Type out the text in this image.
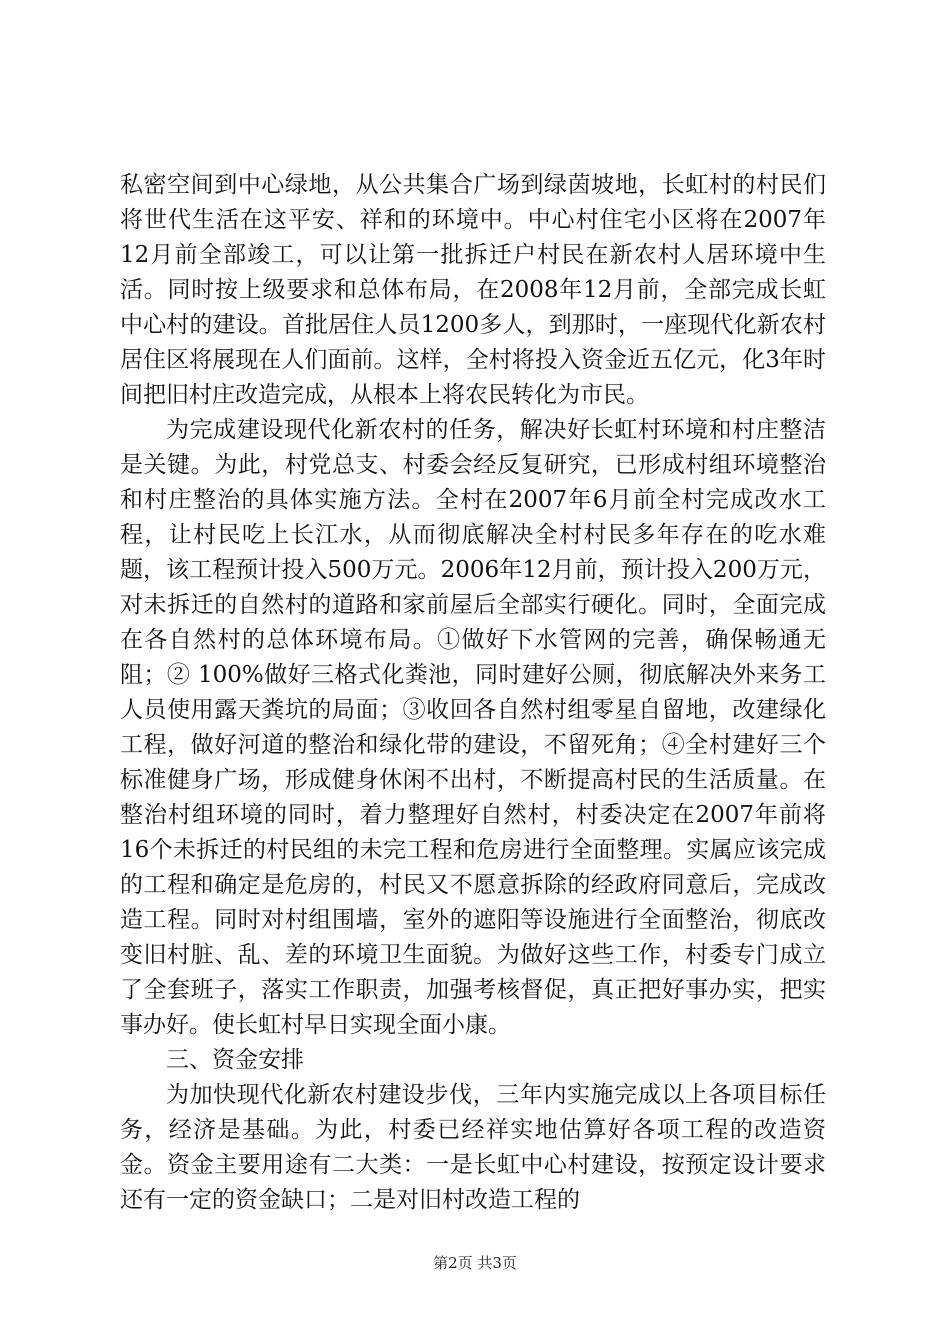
私密空间到中心绿地，从公共集合广场到绿茵坡地，长虹村的村民们将世代生活在这平安、祥和的环境中。中心村住宅小区将在2007年12月前全部竣工，可以让第一批拆迁户村民在新农村人居环境中生活。同时按上级要求和总体布局，在2008年12月前，全部完成长虹中心村的建设。首批居住人员1200多人，到那时，一座现代化新农村居住区将展现在人们面前。这样，全村将投入资金近五亿元，化3年时间把旧村庄改造完成，从根本上将农民转化为市民。

为完成建设现代化新农村的任务，解决好长虹村环境和村庄整洁是关键。为此，村党总支、村委会经反复研究，已形成村组环境整治和村庄整治的具体实施方法。全村在2007年6月前全村完成改水工程，让村民吃上长江水，从而彻底解决全村村民多年存在的吃水难题，该工程预计投入500万元。2006年12月前，预计投入200万元，对未拆迁的自然村的道路和家前屋后全部实行硬化。同时，全面完成在各自然村的总体环境布局。①做好下水管网的完善，确保畅通无阻；② 100%做好三格式化粪池，同时建好公厕，彻底解决外来务工人员使用露天粪坑的局面；③收回各自然村组零星自留地，改建绿化工程，做好河道的整治和绿化带的建设，不留死角；④全村建好三个标准健身广场，形成健身休闲不出村，不断提高村民的生活质量。在整治村组环境的同时，着力整理好自然村，村委决定在2007年前将16个未拆迁的村民组的未完工程和危房进行全面整理。实属应该完成的工程和确定是危房的，村民又不愿意拆除的经政府同意后，完成改造工程。同时对村组围墙，室外的遮阳等设施进行全面整治，彻底改变旧村脏、乱、差的环境卫生面貌。为做好这些工作，村委专门成立了全套班子，落实工作职责，加强考核督促，真正把好事办实，把实事办好。使长虹村早日实现全面小康。

三、资金安排

为加快现代化新农村建设步伐，三年内实施完成以上各项目标任务，经济是基础。为此，村委已经祥实地估算好各项工程的改造资金。资金主要用途有二大类：一是长虹中心村建设，按预定设计要求还有一定的资金缺口；二是对旧村改造工程的

第2页 共3页
